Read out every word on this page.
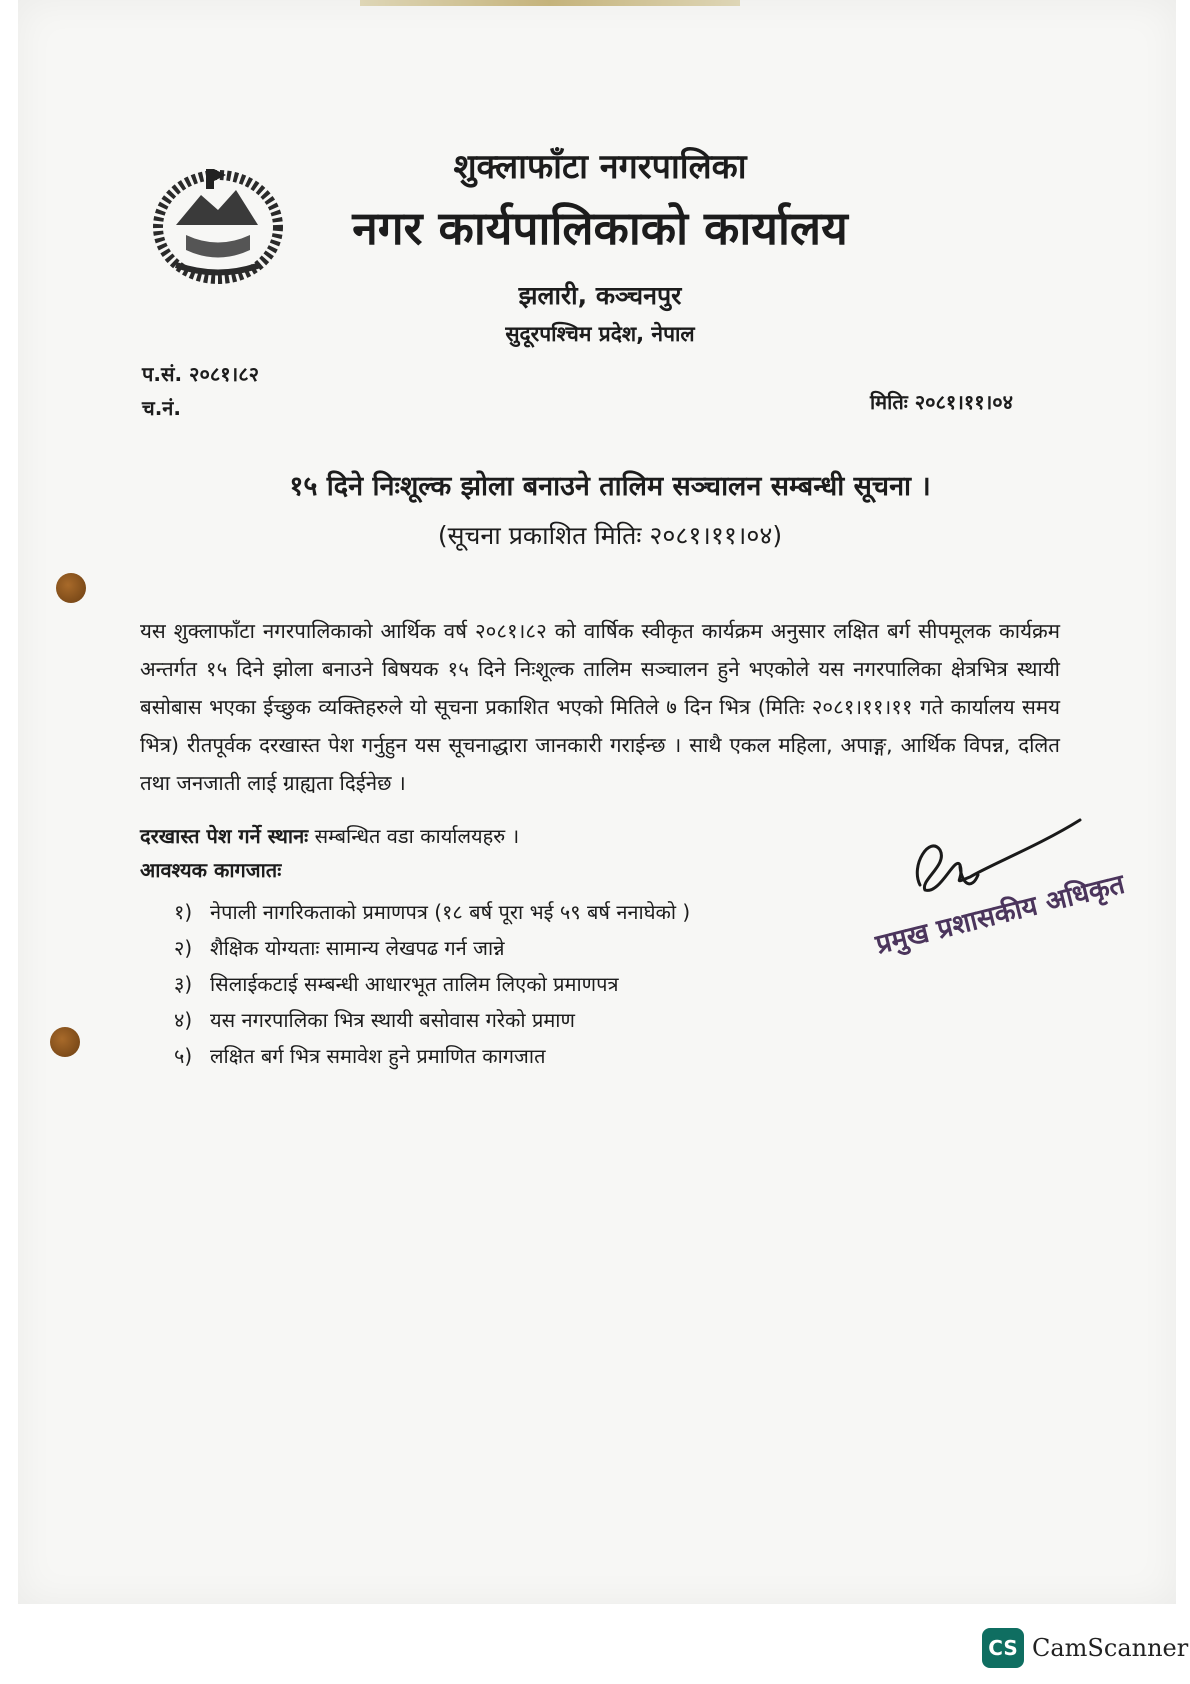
शुक्लाफाँटा नगरपालिका
नगर कार्यपालिकाको कार्यालय
झलारी, कञ्चनपुर
सुदूरपश्चिम प्रदेश, नेपाल
प.सं. २०८१।८२
च.नं.	मितिः २०८१।११।०४
१५ दिने निःशूल्क झोला बनाउने तालिम सञ्चालन सम्बन्धी सूचना ।
(सूचना प्रकाशित मितिः २०८१।११।०४)
यस शुक्लाफाँटा नगरपालिकाको आर्थिक वर्ष २०८१।८२ को वार्षिक स्वीकृत कार्यक्रम अनुसार लक्षित बर्ग सीपमूलक कार्यक्रम अन्तर्गत १५ दिने झोला बनाउने बिषयक १५ दिने निःशूल्क तालिम सञ्चालन हुने भएकोले यस नगरपालिका क्षेत्रभित्र स्थायी बसोबास भएका ईच्छुक व्यक्तिहरुले यो सूचना प्रकाशित भएको मितिले ७ दिन भित्र (मितिः २०८१।११।११ गते कार्यालय समय भित्र) रीतपूर्वक दरखास्त पेश गर्नुहुन यस सूचनाद्धारा जानकारी गराईन्छ । साथै एकल महिला, अपाङ्ग, आर्थिक विपन्न, दलित तथा जनजाती लाई ग्राह्यता दिईनेछ ।
दरखास्त पेश गर्ने स्थानः सम्बन्धित वडा कार्यालयहरु ।
आवश्यक कागजातः
१) नेपाली नागरिकताको प्रमाणपत्र (१८ बर्ष पूरा भई ५९ बर्ष ननाघेको )
२) शैक्षिक योग्यताः सामान्य लेखपढ गर्न जान्ने
३) सिलाईकटाई सम्बन्धी आधारभूत तालिम लिएको प्रमाणपत्र
४) यस नगरपालिका भित्र स्थायी बसोवास गरेको प्रमाण
५) लक्षित बर्ग भित्र समावेश हुने प्रमाणित कागजात
प्रमुख प्रशासकीय अधिकृत
CS CamScanner
